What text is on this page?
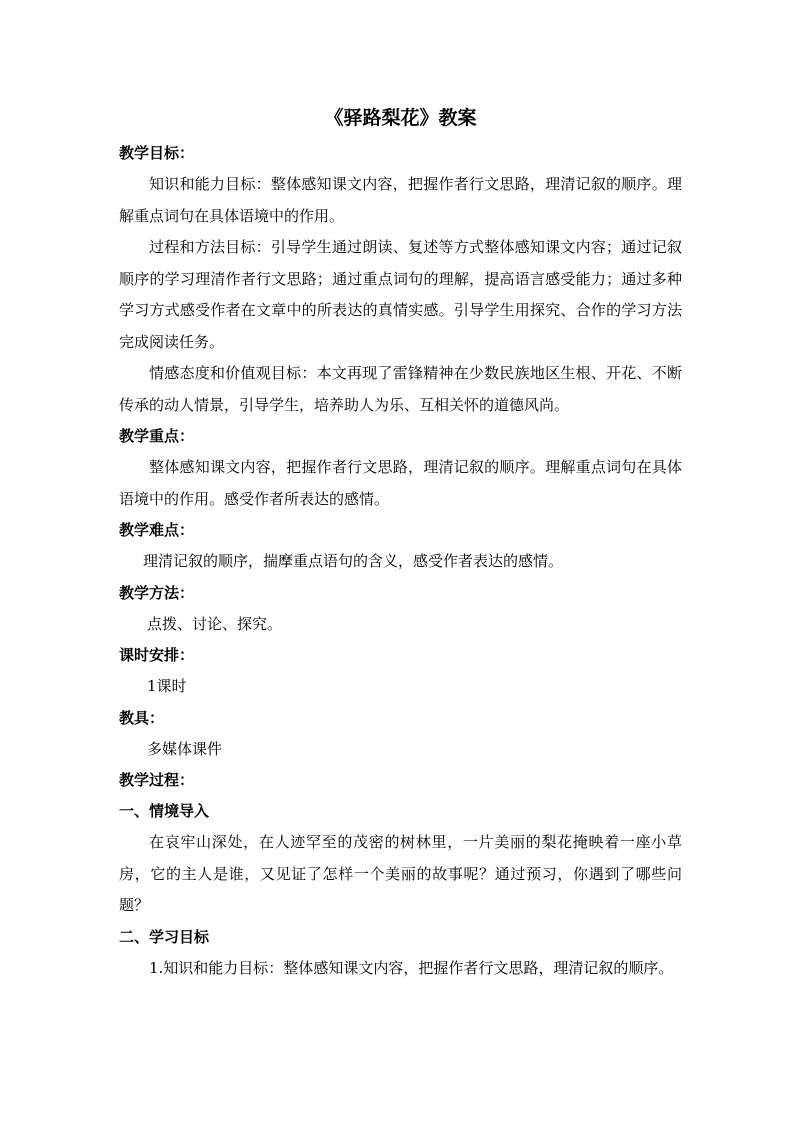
《驿路梨花》教案

教学目标：

知识和能力目标：整体感知课文内容，把握作者行文思路，理清记叙的顺序。理解重点词句在具体语境中的作用。

过程和方法目标：引导学生通过朗读、复述等方式整体感知课文内容；通过记叙顺序的学习理清作者行文思路；通过重点词句的理解，提高语言感受能力；通过多种学习方式感受作者在文章中的所表达的真情实感。引导学生用探究、合作的学习方法完成阅读任务。

情感态度和价值观目标：本文再现了雷锋精神在少数民族地区生根、开花、不断传承的动人情景，引导学生，培养助人为乐、互相关怀的道德风尚。

教学重点：

整体感知课文内容，把握作者行文思路，理清记叙的顺序。理解重点词句在具体语境中的作用。感受作者所表达的感情。

教学难点：

理清记叙的顺序，揣摩重点语句的含义，感受作者表达的感情。

教学方法：

点拨、讨论、探究。

课时安排：

1课时

教具：

多媒体课件

教学过程：

一、情境导入

在哀牢山深处，在人迹罕至的茂密的树林里，一片美丽的梨花掩映着一座小草房，它的主人是谁，又见证了怎样一个美丽的故事呢？通过预习，你遇到了哪些问题？

二、学习目标

1.知识和能力目标：整体感知课文内容，把握作者行文思路，理清记叙的顺序。
